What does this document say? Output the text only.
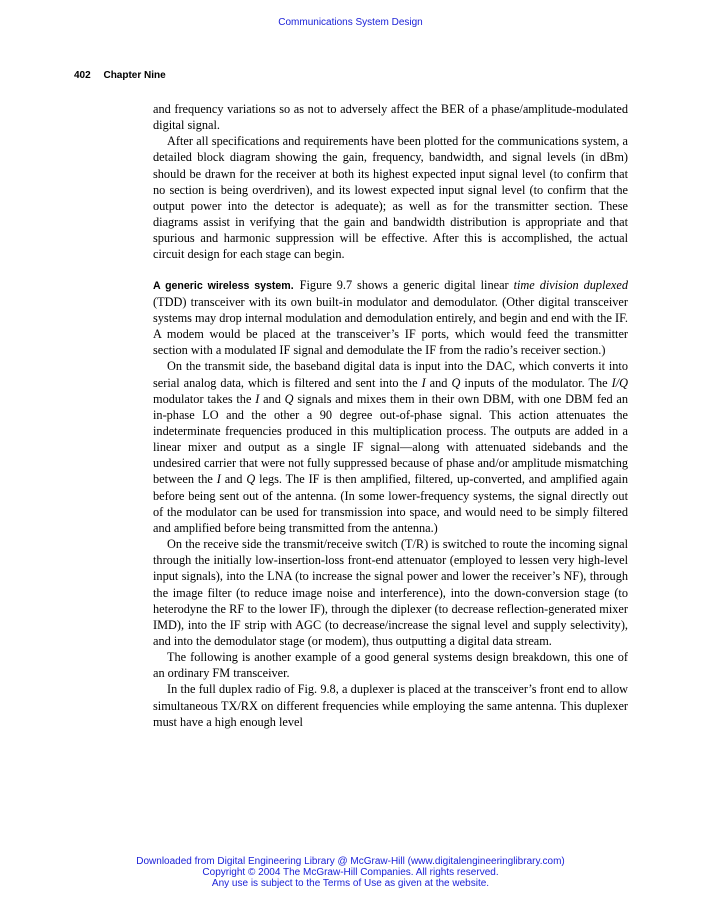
Communications System Design
402 Chapter Nine

and frequency variations so as not to adversely affect the BER of a phase/amplitude-modulated digital signal.

After all specifications and requirements have been plotted for the communications system, a detailed block diagram showing the gain, frequency, bandwidth, and signal levels (in dBm) should be drawn for the receiver at both its highest expected input signal level (to confirm that no section is being overdriven), and its lowest expected input signal level (to confirm that the output power into the detector is adequate); as well as for the transmitter section. These diagrams assist in verifying that the gain and bandwidth distribution is appropriate and that spurious and harmonic suppression will be effective. After this is accomplished, the actual circuit design for each stage can begin.

A generic wireless system. Figure 9.7 shows a generic digital linear time division duplexed (TDD) transceiver with its own built-in modulator and demodulator. (Other digital transceiver systems may drop internal modulation and demodulation entirely, and begin and end with the IF. A modem would be placed at the transceiver’s IF ports, which would feed the transmitter section with a modulated IF signal and demodulate the IF from the radio’s receiver section.)

On the transmit side, the baseband digital data is input into the DAC, which converts it into serial analog data, which is filtered and sent into the I and Q inputs of the modulator. The I/Q modulator takes the I and Q signals and mixes them in their own DBM, with one DBM fed an in-phase LO and the other a 90 degree out-of-phase signal. This action attenuates the indeterminate frequencies produced in this multiplication process. The outputs are added in a linear mixer and output as a single IF signal—along with attenuated sidebands and the undesired carrier that were not fully suppressed because of phase and/or amplitude mismatching between the I and Q legs. The IF is then amplified, filtered, up-converted, and amplified again before being sent out of the antenna. (In some lower-frequency systems, the signal directly out of the modulator can be used for transmission into space, and would need to be simply filtered and amplified before being transmitted from the antenna.)

On the receive side the transmit/receive switch (T/R) is switched to route the incoming signal through the initially low-insertion-loss front-end attenuator (employed to lessen very high-level input signals), into the LNA (to increase the signal power and lower the receiver’s NF), through the image filter (to reduce image noise and interference), into the down-conversion stage (to heterodyne the RF to the lower IF), through the diplexer (to decrease reflection-generated mixer IMD), into the IF strip with AGC (to decrease/increase the signal level and supply selectivity), and into the demodulator stage (or modem), thus outputting a digital data stream.

The following is another example of a good general systems design breakdown, this one of an ordinary FM transceiver.

In the full duplex radio of Fig. 9.8, a duplexer is placed at the transceiver’s front end to allow simultaneous TX/RX on different frequencies while employing the same antenna. This duplexer must have a high enough level

Downloaded from Digital Engineering Library @ McGraw-Hill (www.digitalengineeringlibrary.com)
Copyright © 2004 The McGraw-Hill Companies. All rights reserved.
Any use is subject to the Terms of Use as given at the website.
